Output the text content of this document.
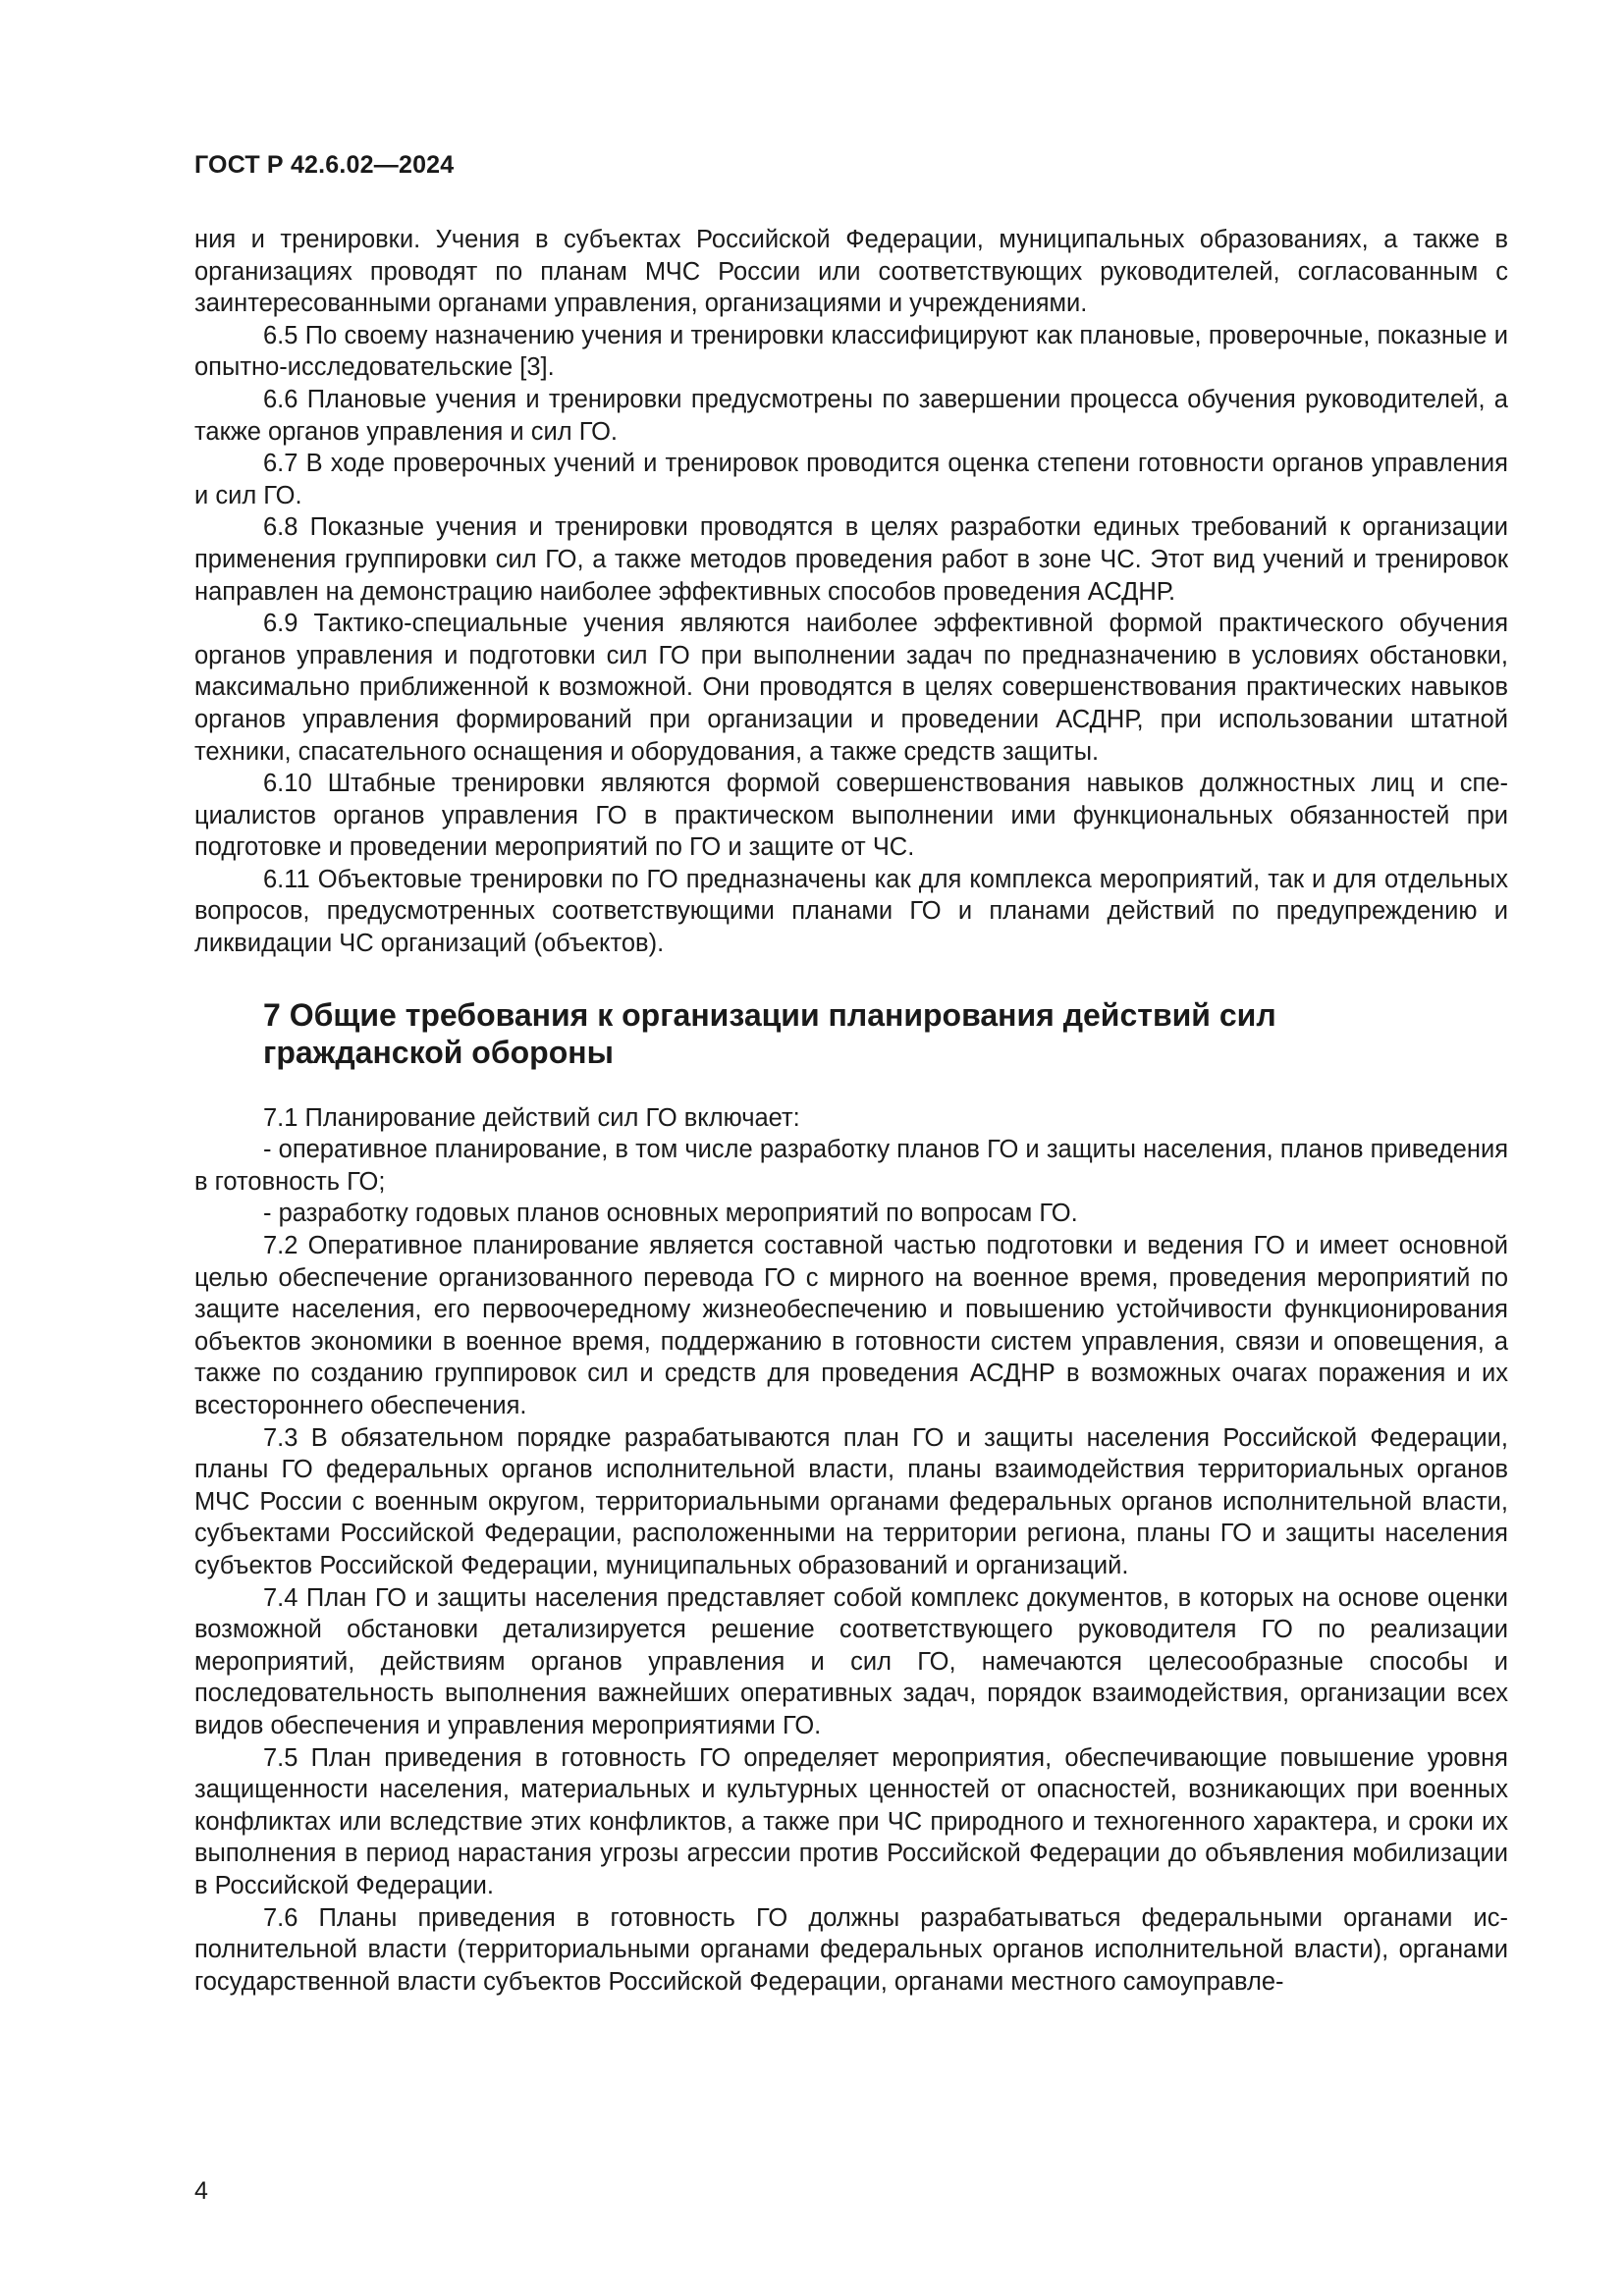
ГОСТ Р 42.6.02—2024

ния и тренировки. Учения в субъектах Российской Федерации, муниципальных образованиях, а также в организациях проводят по планам МЧС России или соответствующих руководителей, согласованным с заинтересованными органами управления, организациями и учреждениями.

6.5 По своему назначению учения и тренировки классифицируют как плановые, проверочные, показные и опытно-исследовательские [3].

6.6 Плановые учения и тренировки предусмотрены по завершении процесса обучения руководителей, а также органов управления и сил ГО.

6.7 В ходе проверочных учений и тренировок проводится оценка степени готовности органов управления и сил ГО.

6.8 Показные учения и тренировки проводятся в целях разработки единых требований к организации применения группировки сил ГО, а также методов проведения работ в зоне ЧС. Этот вид учений и тренировок направлен на демонстрацию наиболее эффективных способов проведения АСДНР.

6.9 Тактико-специальные учения являются наиболее эффективной формой практического обучения органов управления и подготовки сил ГО при выполнении задач по предназначению в условиях обстановки, максимально приближенной к возможной. Они проводятся в целях совершенствования практических навыков органов управления формирований при организации и проведении АСДНР, при использовании штатной техники, спасательного оснащения и оборудования, а также средств защиты.

6.10 Штабные тренировки являются формой совершенствования навыков должностных лиц и специалистов органов управления ГО в практическом выполнении ими функциональных обязанностей при подготовке и проведении мероприятий по ГО и защите от ЧС.

6.11 Объектовые тренировки по ГО предназначены как для комплекса мероприятий, так и для отдельных вопросов, предусмотренных соответствующими планами ГО и планами действий по предупреждению и ликвидации ЧС организаций (объектов).

7 Общие требования к организации планирования действий сил гражданской обороны

7.1 Планирование действий сил ГО включает:

- оперативное планирование, в том числе разработку планов ГО и защиты населения, планов приведения в готовность ГО;

- разработку годовых планов основных мероприятий по вопросам ГО.

7.2 Оперативное планирование является составной частью подготовки и ведения ГО и имеет основной целью обеспечение организованного перевода ГО с мирного на военное время, проведения мероприятий по защите населения, его первоочередному жизнеобеспечению и повышению устойчивости функционирования объектов экономики в военное время, поддержанию в готовности систем управления, связи и оповещения, а также по созданию группировок сил и средств для проведения АСДНР в возможных очагах поражения и их всестороннего обеспечения.

7.3 В обязательном порядке разрабатываются план ГО и защиты населения Российской Федерации, планы ГО федеральных органов исполнительной власти, планы взаимодействия территориальных органов МЧС России с военным округом, территориальными органами федеральных органов исполнительной власти, субъектами Российской Федерации, расположенными на территории региона, планы ГО и защиты населения субъектов Российской Федерации, муниципальных образований и организаций.

7.4 План ГО и защиты населения представляет собой комплекс документов, в которых на основе оценки возможной обстановки детализируется решение соответствующего руководителя ГО по реализации мероприятий, действиям органов управления и сил ГО, намечаются целесообразные способы и последовательность выполнения важнейших оперативных задач, порядок взаимодействия, организации всех видов обеспечения и управления мероприятиями ГО.

7.5 План приведения в готовность ГО определяет мероприятия, обеспечивающие повышение уровня защищенности населения, материальных и культурных ценностей от опасностей, возникающих при военных конфликтах или вследствие этих конфликтов, а также при ЧС природного и техногенного характера, и сроки их выполнения в период нарастания угрозы агрессии против Российской Федерации до объявления мобилизации в Российской Федерации.

7.6 Планы приведения в готовность ГО должны разрабатываться федеральными органами исполнительной власти (территориальными органами федеральных органов исполнительной власти), органами государственной власти субъектов Российской Федерации, органами местного самоуправле-

4
